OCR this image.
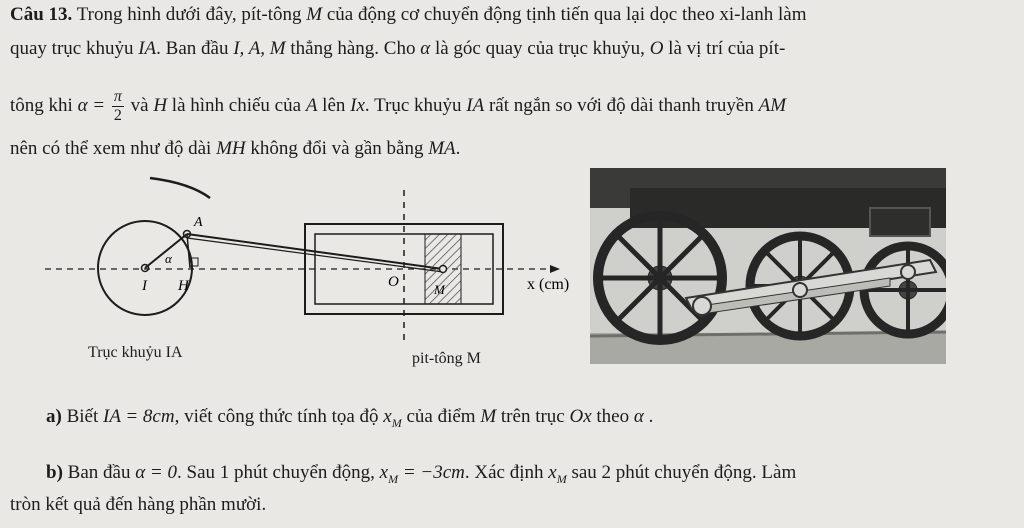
Câu 13. Trong hình dưới đây, pít-tông M của động cơ chuyển động tịnh tiến qua lại dọc theo xi-lanh làm
quay trục khuỷu IA. Ban đầu I, A, M thẳng hàng. Cho α là góc quay của trục khuỷu, O là vị trí của pít-
tông khi $\alpha = \frac{\pi}{2}$ và H là hình chiếu của A lên Ix. Trục khuỷu IA rất ngắn so với độ dài thanh truyền AM
nên có thể xem như độ dài MH không đổi và gần bằng MA.
A
α
I H	O	M	x (cm)
Trục khuỷu IA	pit-tông M
a) Biết IA = 8cm, viết công thức tính tọa độ $x_M$ của điểm M trên trục Ox theo α .
b) Ban đầu α = 0. Sau 1 phút chuyển động, $x_M = -3cm$. Xác định $x_M$ sau 2 phút chuyển động. Làm
tròn kết quả đến hàng phần mười.
